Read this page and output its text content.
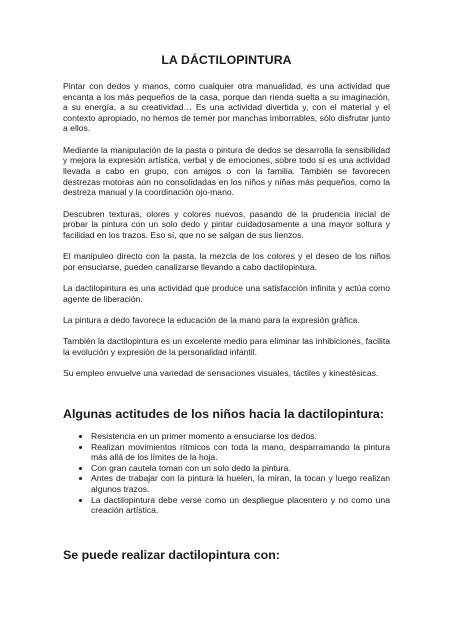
LA DÁCTILOPINTURA

Pintar con dedos y manos, como cualquier otra manualidad, es una actividad que encanta a los más pequeños de la casa, porque dan rienda suelta a su imaginación, a su energía, a su creatividad… Es una actividad divertida y, con el material y el contexto apropiado, no hemos de temer por manchas imborrables, sólo disfrutar junto a ellos.

Mediante la manipulación de la pasta o pintura de dedos se desarrolla la sensibilidad y mejora la expresión artística, verbal y de emociones, sobre todo si es una actividad llevada a cabo en grupo, con amigos o con la familia. También se favorecen destrezas motoras aún no consolidadas en los niños y niñas más pequeños, como la destreza manual y la coordinación ojo-mano.

Descubren texturas, olores y colores nuevos, pasando de la prudencia inicial de probar la pintura con un solo dedo y pintar cuidadosamente a una mayor soltura y facilidad en los trazos. Eso sí, que no se salgan de sus lienzos.

El manipuleo directo con la pasta, la mezcla de los colores y el deseo de los niños por ensuciarse, pueden canalizarse llevando a cabo dactilopintura.

La dactilopintura es una actividad que produce una satisfacción infinita y actúa como agente de liberación.

La pintura a dedo favorece la educación de la mano para la expresión gráfica.

También la dactilopintura es un excelente medio para eliminar las inhibiciones, facilita la evolución y expresión de la personalidad infantil.

Su empleo envuelve una variedad de sensaciones visuales, táctiles y kinestésicas.

Algunas actitudes de los niños hacia la dactilopintura:
• Resistencia en un primer momento a ensuciarse los dedos.
• Realizan movimientos rítmicos con toda la mano, desparramando la pintura más allá de los límites de la hoja.
• Con gran cautela toman con un solo dedo la pintura.
• Antes de trabajar con la pintura la huelen, la miran, la tocan y luego realizan algunos trazos.
• La dactilopintura debe verse como un despliegue placentero y no como una creación artística.
Se puede realizar dactilopintura con:
